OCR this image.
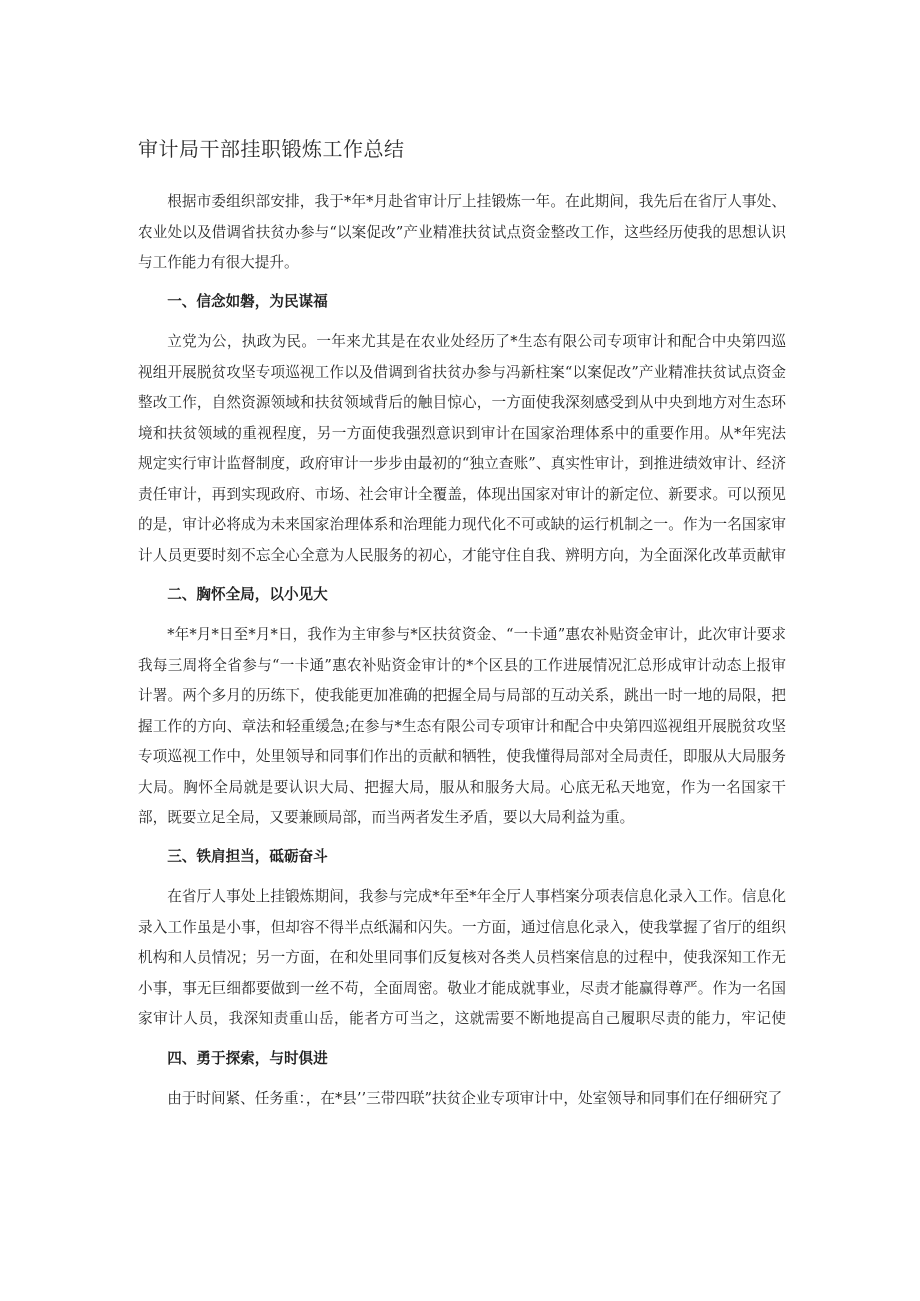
审计局干部挂职锻炼工作总结

根据市委组织部安排，我于*年*月赴省审计厅上挂锻炼一年。在此期间，我先后在省厅人事处、农业处以及借调省扶贫办参与“以案促改”产业精准扶贫试点资金整改工作，这些经历使我的思想认识与工作能力有很大提升。

一、信念如磐，为民谋福

立党为公，执政为民。一年来尤其是在农业处经历了*生态有限公司专项审计和配合中央第四巡视组开展脱贫攻坚专项巡视工作以及借调到省扶贫办参与冯新柱案“以案促改”产业精准扶贫试点资金整改工作，自然资源领域和扶贫领域背后的触目惊心，一方面使我深刻感受到从中央到地方对生态环境和扶贫领域的重视程度，另一方面使我强烈意识到审计在国家治理体系中的重要作用。从*年宪法规定实行审计监督制度，政府审计一步步由最初的“独立查账”、真实性审计，到推进绩效审计、经济责任审计，再到实现政府、市场、社会审计全覆盖，体现出国家对审计的新定位、新要求。可以预见的是，审计必将成为未来国家治理体系和治理能力现代化不可或缺的运行机制之一。作为一名国家审计人员更要时刻不忘全心全意为人民服务的初心，才能守住自我、辨明方向，为全面深化改革贡献审

二、胸怀全局，以小见大

*年*月*日至*月*日，我作为主审参与*区扶贫资金、“一卡通”惠农补贴资金审计，此次审计要求我每三周将全省参与“一卡通”惠农补贴资金审计的*个区县的工作进展情况汇总形成审计动态上报审计署。两个多月的历练下，使我能更加准确的把握全局与局部的互动关系，跳出一时一地的局限，把握工作的方向、章法和轻重缓急;在参与*生态有限公司专项审计和配合中央第四巡视组开展脱贫攻坚专项巡视工作中，处里领导和同事们作出的贡献和牺牲，使我懂得局部对全局责任，即服从大局服务大局。胸怀全局就是要认识大局、把握大局，服从和服务大局。心底无私天地宽，作为一名国家干部，既要立足全局，又要兼顾局部，而当两者发生矛盾，要以大局利益为重。

三、铁肩担当，砥砺奋斗

在省厅人事处上挂锻炼期间，我参与完成*年至*年全厅人事档案分项表信息化录入工作。信息化录入工作虽是小事，但却容不得半点纸漏和闪失。一方面，通过信息化录入，使我掌握了省厅的组织机构和人员情况；另一方面，在和处里同事们反复核对各类人员档案信息的过程中，使我深知工作无小事，事无巨细都要做到一丝不苟，全面周密。敬业才能成就事业，尽责才能赢得尊严。作为一名国家审计人员，我深知责重山岳，能者方可当之，这就需要不断地提高自己履职尽责的能力，牢记使

四、勇于探索，与时俱进

由于时间紧、任务重：，在*县’’三带四联”扶贫企业专项审计中，处室领导和同事们在仔细研究了
